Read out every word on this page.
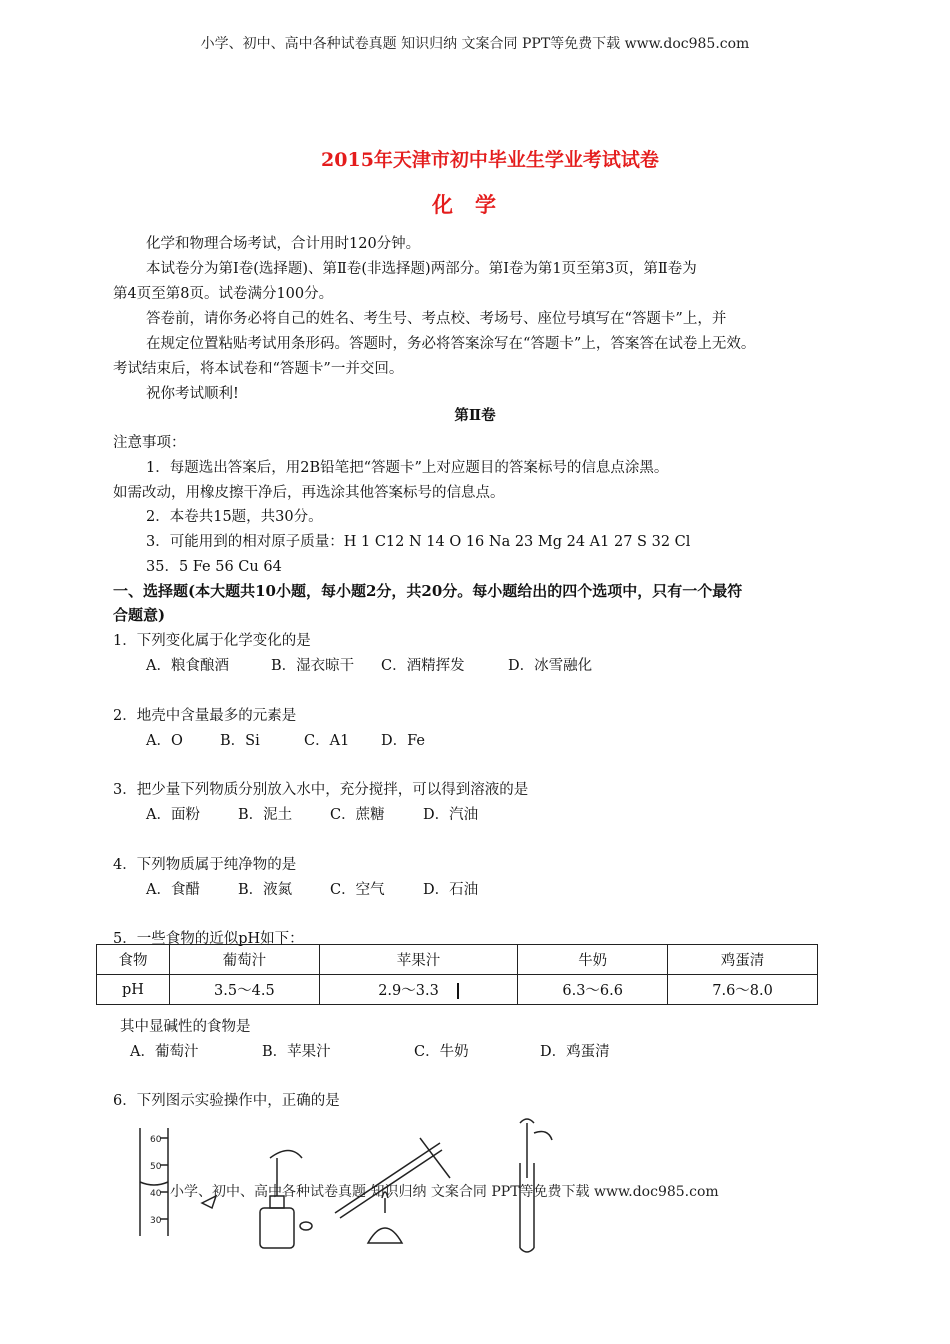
小学、初中、高中各种试卷真题 知识归纳 文案合同 PPT等免费下载 www.doc985.com
2015年天津市初中毕业生学业考试试卷
化学
化学和物理合场考试，合计用时120分钟。
本试卷分为第Ⅰ卷(选择题)、第Ⅱ卷(非选择题)两部分。第Ⅰ卷为第1页至第3页，第Ⅱ卷为
第4页至第8页。试卷满分100分。
答卷前，请你务必将自己的姓名、考生号、考点校、考场号、座位号填写在“答题卡”上，并
在规定位置粘贴考试用条形码。答题时，务必将答案涂写在“答题卡”上，答案答在试卷上无效。
考试结束后，将本试卷和“答题卡”一并交回。
祝你考试顺利!
第Ⅱ卷
注意事项：
1．每题选出答案后，用2B铅笔把“答题卡”上对应题目的答案标号的信息点涂黑。
如需改动，用橡皮擦干净后，再选涂其他答案标号的信息点。
2．本卷共15题，共30分。
3．可能用到的相对原子质量：H 1 C12 N 14 O 16 Na 23 Mg 24 A1 27 S 32 Cl
35．5 Fe 56 Cu 64
一、选择题(本大题共10小题，每小题2分，共20分。每小题给出的四个选项中，只有一个最符
合题意)
1．下列变化属于化学变化的是
A．粮食酿酒	B．湿衣晾干 C．酒精挥发	D．冰雪融化
2．地壳中含量最多的元素是
A．O	B．Si	C．A1 D．Fe
3．把少量下列物质分别放入水中，充分搅拌，可以得到溶液的是
A．面粉	B．泥土	C．蔗糖	D．汽油
4．下列物质属于纯净物的是
A．食醋	B．液氮	C．空气	D．石油
5．一些食物的近似pH如下：
食物	葡萄汁	苹果汁	牛奶	鸡蛋清
pH	3.5～4.5	2.9～3.3	6.3～6.6	7.6～8.0
其中显碱性的食物是
A．葡萄汁	B．苹果汁	C．牛奶	D．鸡蛋清
6．下列图示实验操作中，正确的是
60
50
40
30
小学、初中、高中各种试卷真题 知识归纳 文案合同 PPT等免费下载 www.doc985.com
